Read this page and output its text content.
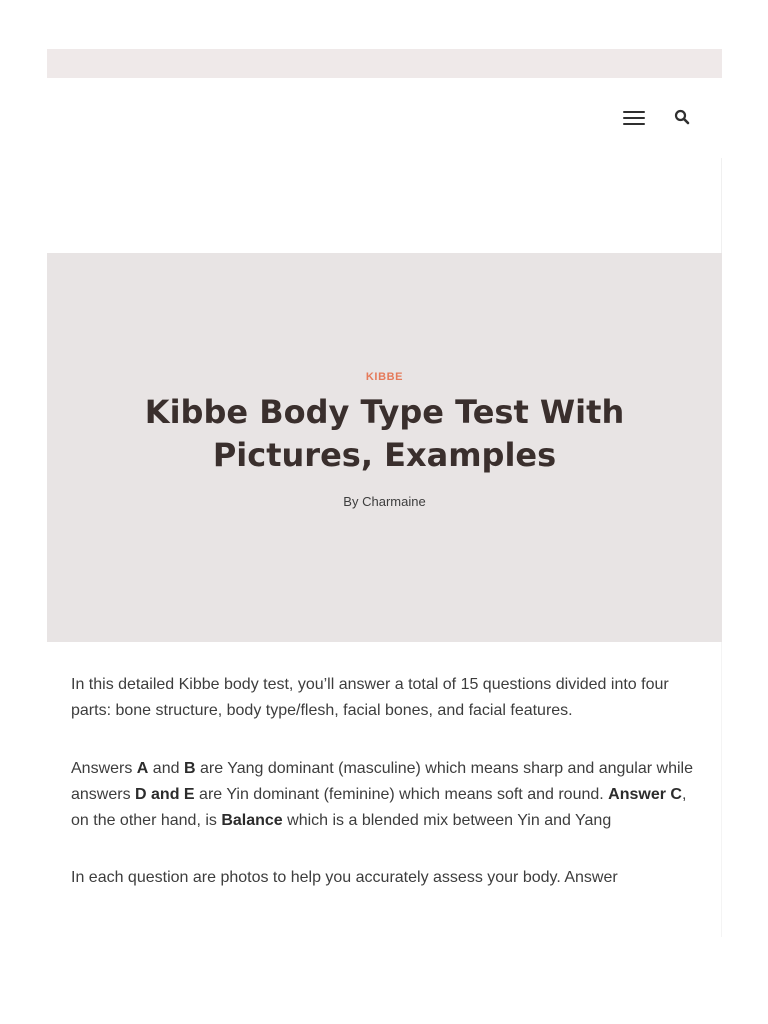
KIBBE
Kibbe Body Type Test With Pictures, Examples
By Charmaine

In this detailed Kibbe body test, you’ll answer a total of 15 questions divided into four parts: bone structure, body type/flesh, facial bones, and facial features.

Answers A and B are Yang dominant (masculine) which means sharp and angular while answers D and E are Yin dominant (feminine) which means soft and round. Answer C, on the other hand, is Balance which is a blended mix between Yin and Yang

In each question are photos to help you accurately assess your body. Answer
